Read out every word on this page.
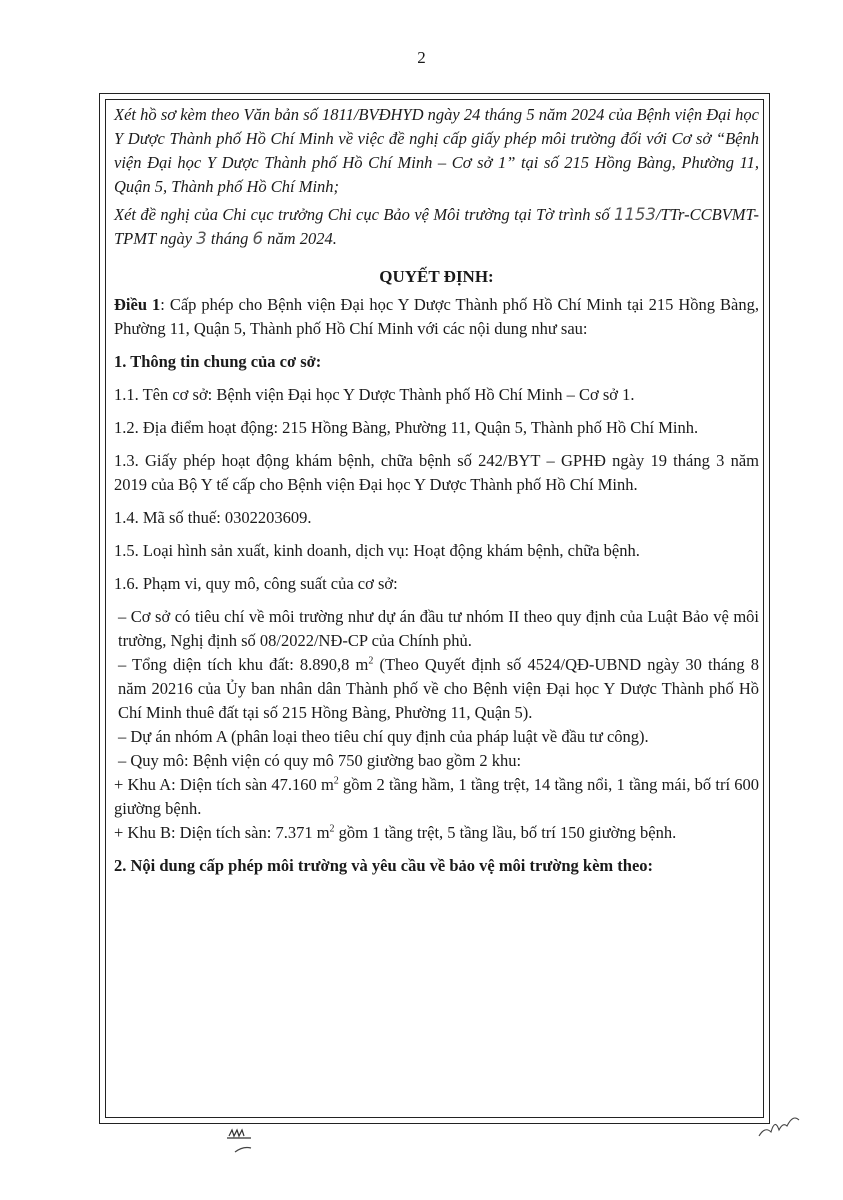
2

Xét hồ sơ kèm theo Văn bản số 1811/BVĐHYD ngày 24 tháng 5 năm 2024 của Bệnh viện Đại học Y Dược Thành phố Hồ Chí Minh về việc đề nghị cấp giấy phép môi trường đối với Cơ sở “Bệnh viện Đại học Y Dược Thành phố Hồ Chí Minh – Cơ sở 1” tại số 215 Hồng Bàng, Phường 11, Quận 5, Thành phố Hồ Chí Minh;

Xét đề nghị của Chi cục trưởng Chi cục Bảo vệ Môi trường tại Tờ trình số 1153/TTr-CCBVMT-TPMT ngày 3 tháng 6 năm 2024.

QUYẾT ĐỊNH:

Điều 1: Cấp phép cho Bệnh viện Đại học Y Dược Thành phố Hồ Chí Minh tại 215 Hồng Bàng, Phường 11, Quận 5, Thành phố Hồ Chí Minh với các nội dung như sau:

1. Thông tin chung của cơ sở:

1.1. Tên cơ sở: Bệnh viện Đại học Y Dược Thành phố Hồ Chí Minh – Cơ sở 1.

1.2. Địa điểm hoạt động: 215 Hồng Bàng, Phường 11, Quận 5, Thành phố Hồ Chí Minh.

1.3. Giấy phép hoạt động khám bệnh, chữa bệnh số 242/BYT – GPHĐ ngày 19 tháng 3 năm 2019 của Bộ Y tế cấp cho Bệnh viện Đại học Y Dược Thành phố Hồ Chí Minh.

1.4. Mã số thuế: 0302203609.

1.5. Loại hình sản xuất, kinh doanh, dịch vụ: Hoạt động khám bệnh, chữa bệnh.

1.6. Phạm vi, quy mô, công suất của cơ sở:

– Cơ sở có tiêu chí về môi trường như dự án đầu tư nhóm II theo quy định của Luật Bảo vệ môi trường, Nghị định số 08/2022/NĐ-CP của Chính phủ.

– Tổng diện tích khu đất: 8.890,8 $m^2$ (Theo Quyết định số 4524/QĐ-UBND ngày 30 tháng 8 năm 20216 của Ủy ban nhân dân Thành phố về cho Bệnh viện Đại học Y Dược Thành phố Hồ Chí Minh thuê đất tại số 215 Hồng Bàng, Phường 11, Quận 5).

– Dự án nhóm A (phân loại theo tiêu chí quy định của pháp luật về đầu tư công).

– Quy mô: Bệnh viện có quy mô 750 giường bao gồm 2 khu:

+ Khu A: Diện tích sàn 47.160 $m^2$ gồm 2 tầng hầm, 1 tầng trệt, 14 tầng nổi, 1 tầng mái, bố trí 600 giường bệnh.

+ Khu B: Diện tích sàn: 7.371 $m^2$ gồm 1 tầng trệt, 5 tầng lầu, bố trí 150 giường bệnh.

2. Nội dung cấp phép môi trường và yêu cầu về bảo vệ môi trường kèm theo:
